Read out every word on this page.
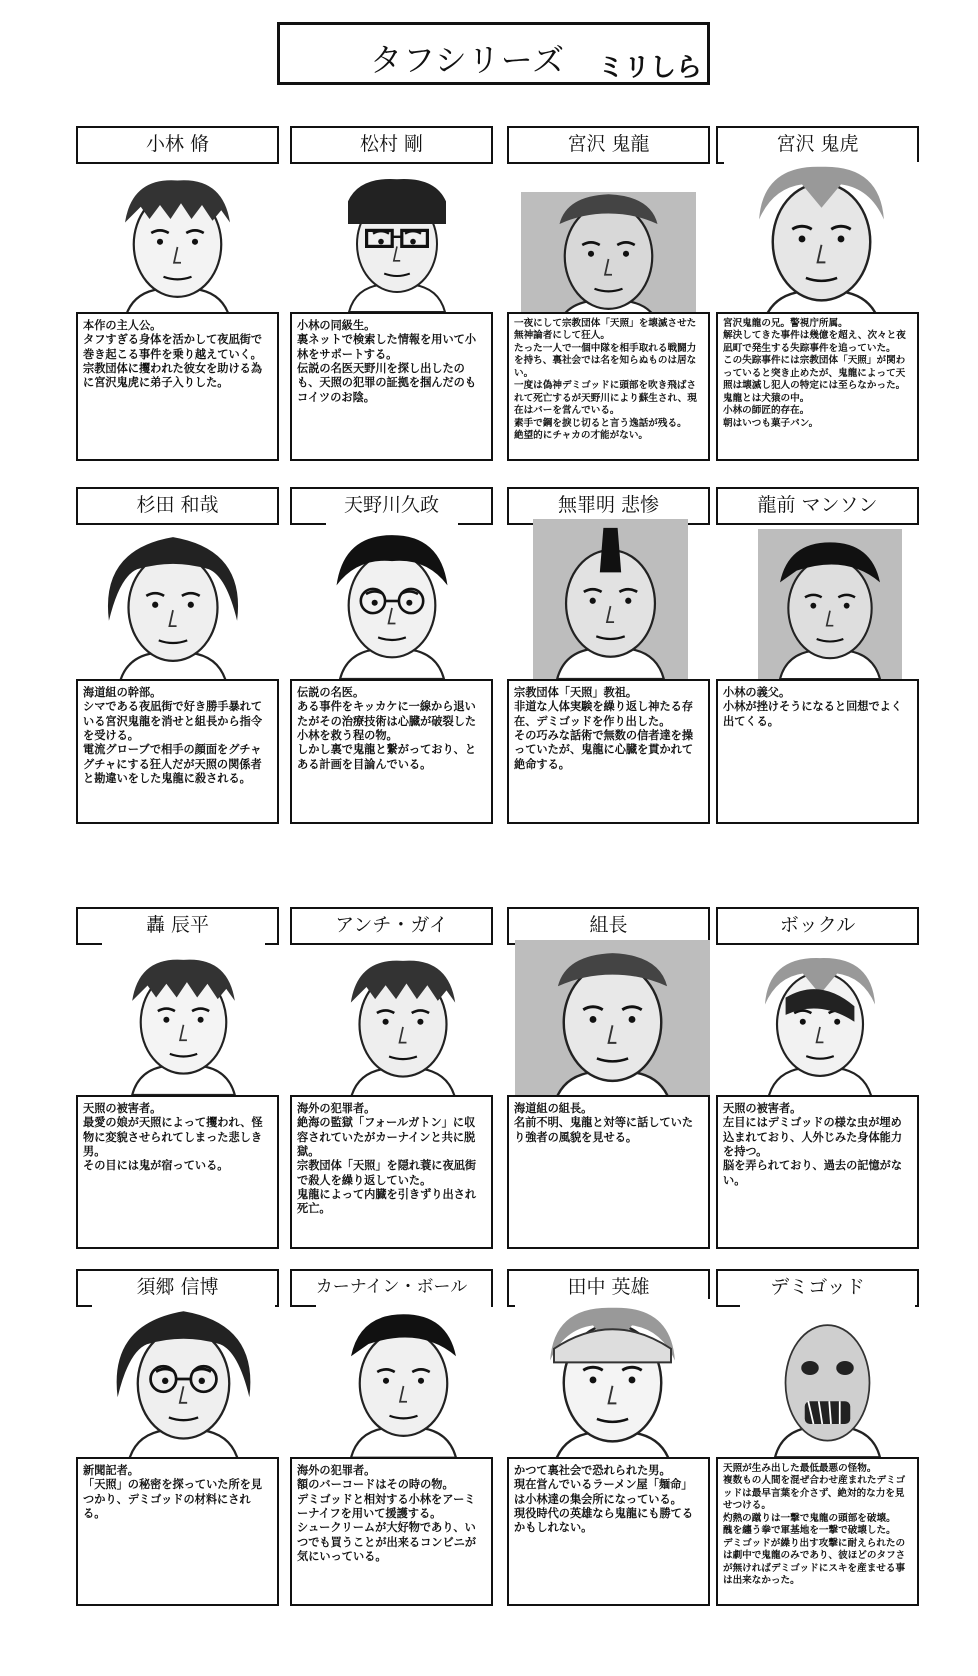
タフシリーズ ミリしら
小林 脩
本作の主人公。
タフすぎる身体を活かして夜凪街で巻き起こる事件を乗り越えていく。
宗教団体に攫われた彼女を助ける為に宮沢鬼虎に弟子入りした。
松村 剛
小林の同級生。
裏ネットで検索した情報を用いて小林をサポートする。
伝説の名医天野川を探し出したのも、天照の犯罪の証拠を掴んだのもコイツのお陰。
宮沢 鬼龍
一夜にして宗教団体「天照」を壊滅させた無神論者にして狂人。
たった一人で一個中隊を相手取れる戦闘力を持ち、裏社会では名を知らぬものは居ない。
一度は偽神デミゴッドに頭部を吹き飛ばされて死亡するが天野川により蘇生され、現在はバーを営んでいる。
素手で鋼を捩じ切ると言う逸話が残る。
絶望的にチャカの才能がない。
宮沢 鬼虎
宮沢鬼龍の兄。警視庁所属。
解決してきた事件は幾億を超え、次々と夜凪町で発生する失踪事件を追っていた。
この失踪事件には宗教団体「天照」が関わっていると突き止めたが、鬼龍によって天照は壊滅し犯人の特定には至らなかった。
鬼龍とは犬猿の中。
小林の師匠的存在。
朝はいつも菓子パン。
杉田 和哉
海道組の幹部。
シマである夜凪街で好き勝手暴れている宮沢鬼龍を消せと組長から指令を受ける。
電流グローブで相手の顔面をグチャグチャにする狂人だが天照の関係者と勘違いをした鬼龍に殺される。
天野川久政
伝説の名医。
ある事件をキッカケに一線から退いたがその治療技術は心臓が破裂した小林を救う程の物。
しかし裏で鬼龍と繋がっており、とある計画を目論んでいる。
無罪明 悲惨
宗教団体「天照」教祖。
非道な人体実験を繰り返し神たる存在、デミゴッドを作り出した。
その巧みな話術で無数の信者達を操っていたが、鬼龍に心臓を貫かれて絶命する。
龍前 マンソン
小林の義父。
小林が挫けそうになると回想でよく出てくる。
轟 辰平
天照の被害者。
最愛の娘が天照によって攫われ、怪物に変貌させられてしまった悲しき男。
その目には鬼が宿っている。
アンチ・ガイ
海外の犯罪者。
絶海の監獄「フォールガトン」に収容されていたがカーナインと共に脱獄。
宗教団体「天照」を隠れ蓑に夜凪街で殺人を繰り返していた。
鬼龍によって内臓を引きずり出され死亡。
組長
海道組の組長。
名前不明、鬼龍と対等に話していたり強者の風貌を見せる。
ボックル
天照の被害者。
左目にはデミゴッドの様な虫が埋め込まれており、人外じみた身体能力を持つ。
脳を弄られており、過去の記憶がない。
須郷 信博
新聞記者。
「天照」の秘密を探っていた所を見つかり、デミゴッドの材料にされる。
カーナイン・ボール
海外の犯罪者。
額のバーコードはその時の物。
デミゴッドと相対する小林をアーミーナイフを用いて援護する。
シュークリームが大好物であり、いつでも買うことが出来るコンビニが気にいっている。
田中 英雄
かつて裏社会で恐れられた男。
現在営んでいるラーメン屋「麺命」は小林達の集会所になっている。
現役時代の英雄なら鬼龍にも勝てるかもしれない。
デミゴッド
天照が生み出した最低最悪の怪物。
複数もの人間を混ぜ合わせ産まれたデミゴッドは最早言葉を介さず、絶対的な力を見せつける。
灼熱の蹴りは一撃で鬼龍の頭部を破壊。
醜を纏う拳で軍基地を一撃で破壊した。
デミゴッドが繰り出す攻撃に耐えられたのは劇中で鬼龍のみであり、彼ほどのタフさが無ければデミゴッドにスキを産ませる事は出来なかった。
